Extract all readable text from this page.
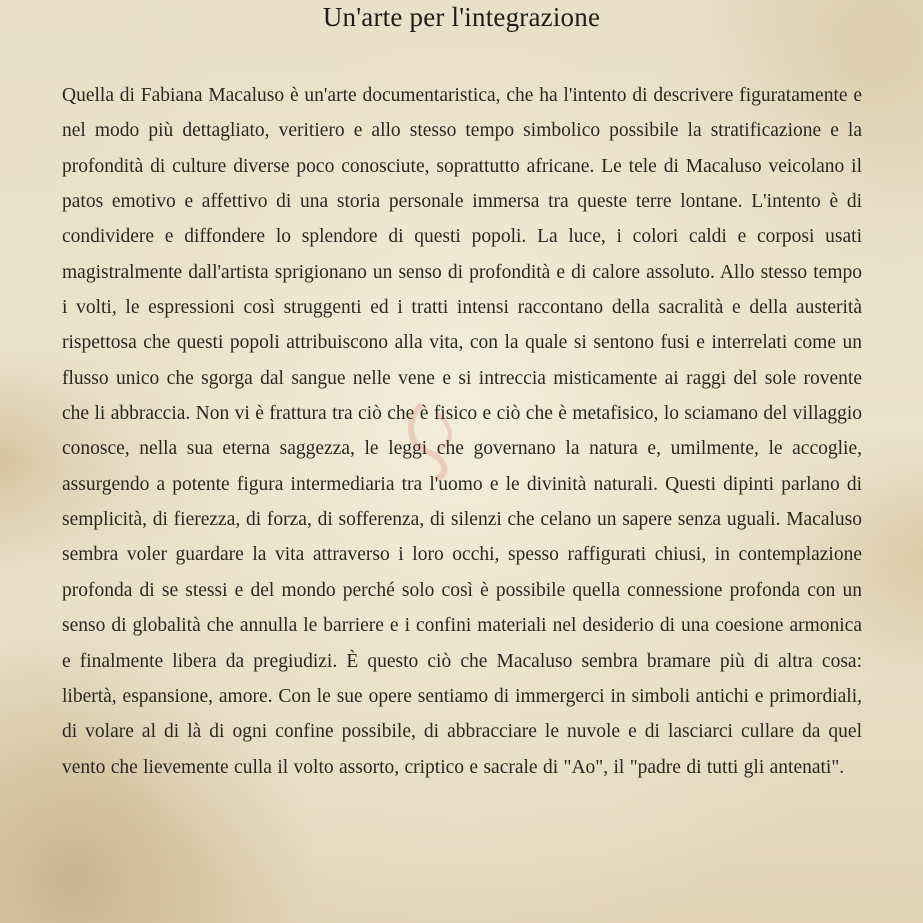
Un'arte per l'integrazione

Quella di Fabiana Macaluso è un'arte documentaristica, che ha l'intento di descrivere figuratamente e nel modo più dettagliato, veritiero e allo stesso tempo simbolico possibile la stratificazione e la profondità di culture diverse poco conosciute, soprattutto africane. Le tele di Macaluso veicolano il patos emotivo e affettivo di una storia personale immersa tra queste terre lontane. L'intento è di condividere e diffondere lo splendore di questi popoli. La luce, i colori caldi e corposi usati magistralmente dall'artista sprigionano un senso di profondità e di calore assoluto. Allo stesso tempo i volti, le espressioni così struggenti ed i tratti intensi raccontano della sacralità e della austerità rispettosa che questi popoli attribuiscono alla vita, con la quale si sentono fusi e interrelati come un flusso unico che sgorga dal sangue nelle vene e si intreccia misticamente ai raggi del sole rovente che li abbraccia. Non vi è frattura tra ciò che è fisico e ciò che è metafisico, lo sciamano del villaggio conosce, nella sua eterna saggezza, le leggi che governano la natura e, umilmente, le accoglie, assurgendo a potente figura intermediaria tra l'uomo e le divinità naturali. Questi dipinti parlano di semplicità, di fierezza, di forza, di sofferenza, di silenzi che celano un sapere senza uguali. Macaluso sembra voler guardare la vita attraverso i loro occhi, spesso raffigurati chiusi, in contemplazione profonda di se stessi e del mondo perché solo così è possibile quella connessione profonda con un senso di globalità che annulla le barriere e i confini materiali nel desiderio di una coesione armonica e finalmente libera da pregiudizi. È questo ciò che Macaluso sembra bramare più di altra cosa: libertà, espansione, amore. Con le sue opere sentiamo di immergerci in simboli antichi e primordiali, di volare al di là di ogni confine possibile, di abbracciare le nuvole e di lasciarci cullare da quel vento che lievemente culla il volto assorto, criptico e sacrale di "Ao", il "padre di tutti gli antenati".
